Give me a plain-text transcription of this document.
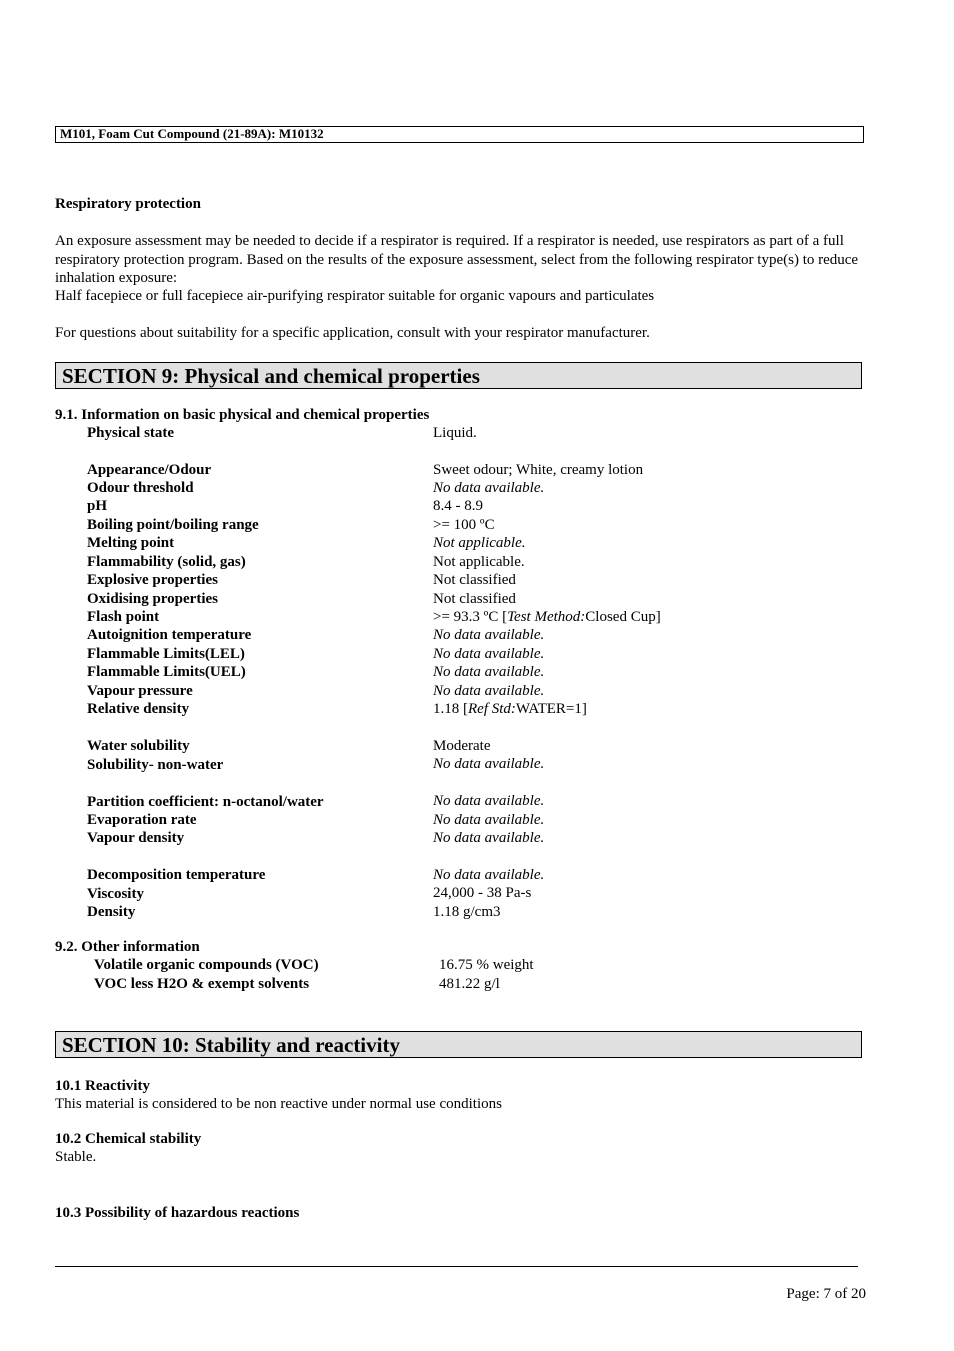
M101, Foam Cut Compound (21-89A): M10132
Respiratory protection
An exposure assessment may be needed to decide if a respirator is required. If a respirator is needed, use respirators as part of a full respiratory protection program. Based on the results of the exposure assessment, select from the following respirator type(s) to reduce inhalation exposure:
Half facepiece or full facepiece air-purifying respirator suitable for organic vapours and particulates
For questions about suitability for a specific application, consult with your respirator manufacturer.
SECTION 9: Physical and chemical properties
9.1. Information on basic physical and chemical properties
Physical state	Liquid.
Appearance/Odour	Sweet odour; White, creamy lotion
Odour threshold	No data available.
pH	8.4 - 8.9
Boiling point/boiling range	>= 100 ºC
Melting point	Not applicable.
Flammability (solid, gas)	Not applicable.
Explosive properties	Not classified
Oxidising properties	Not classified
Flash point	>= 93.3 ºC [Test Method:Closed Cup]
Autoignition temperature	No data available.
Flammable Limits(LEL)	No data available.
Flammable Limits(UEL)	No data available.
Vapour pressure	No data available.
Relative density	1.18 [Ref Std:WATER=1]
Water solubility	Moderate
Solubility- non-water	No data available.
Partition coefficient: n-octanol/water	No data available.
Evaporation rate	No data available.
Vapour density	No data available.
Decomposition temperature	No data available.
Viscosity	24,000 - 38 Pa-s
Density	1.18 g/cm3
9.2. Other information
Volatile organic compounds (VOC)	16.75 % weight
VOC less H2O & exempt solvents	481.22 g/l
SECTION 10: Stability and reactivity
10.1 Reactivity
This material is considered to be non reactive under normal use conditions
10.2 Chemical stability
Stable.
10.3 Possibility of hazardous reactions
Page: 7 of 20
